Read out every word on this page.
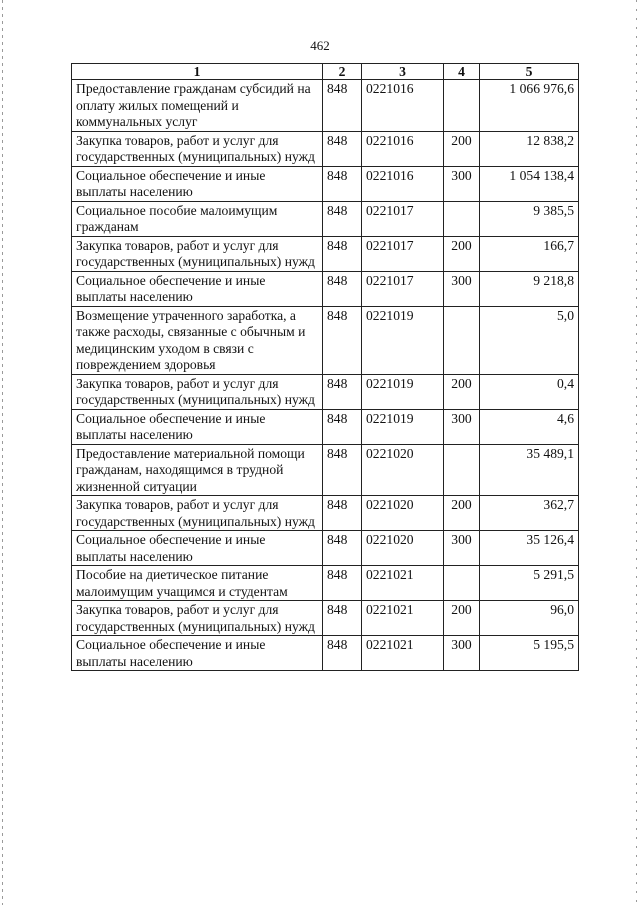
462
1	2	3	4	5
Предоставление гражданам субсидий на оплату жилых помещений и коммунальных услуг	848	0221016		1 066 976,6
Закупка товаров, работ и услуг для государственных (муниципальных) нужд	848	0221016	200	12 838,2
Социальное обеспечение и иные выплаты населению	848	0221016	300	1 054 138,4
Социальное пособие малоимущим гражданам	848	0221017		9 385,5
Закупка товаров, работ и услуг для государственных (муниципальных) нужд	848	0221017	200	166,7
Социальное обеспечение и иные выплаты населению	848	0221017	300	9 218,8
Возмещение утраченного заработка, а также расходы, связанные с обычным и медицинским уходом в связи с повреждением здоровья	848	0221019		5,0
Закупка товаров, работ и услуг для государственных (муниципальных) нужд	848	0221019	200	0,4
Социальное обеспечение и иные выплаты населению	848	0221019	300	4,6
Предоставление материальной помощи гражданам, находящимся в трудной жизненной ситуации	848	0221020		35 489,1
Закупка товаров, работ и услуг для государственных (муниципальных) нужд	848	0221020	200	362,7
Социальное обеспечение и иные выплаты населению	848	0221020	300	35 126,4
Пособие на диетическое питание малоимущим учащимся и студентам	848	0221021		5 291,5
Закупка товаров, работ и услуг для государственных (муниципальных) нужд	848	0221021	200	96,0
Социальное обеспечение и иные выплаты населению	848	0221021	300	5 195,5
